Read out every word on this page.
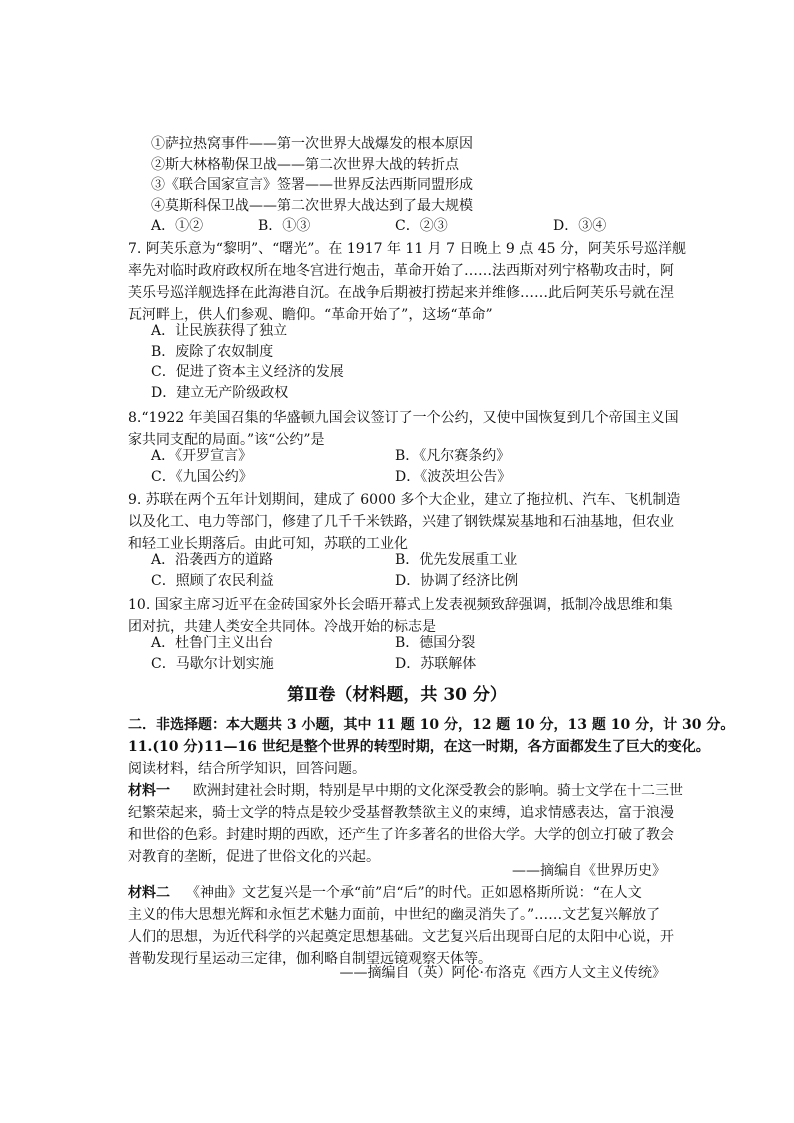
①萨拉热窝事件——第一次世界大战爆发的根本原因
②斯大林格勒保卫战——第二次世界大战的转折点
③《联合国家宣言》签署——世界反法西斯同盟形成
④莫斯科保卫战——第二次世界大战达到了最大规模
A．①②	B．①③	C．②③	D．③④
7. 阿芙乐意为“黎明”、“曙光”。在 1917 年 11 月 7 日晚上 9 点 45 分，阿芙乐号巡洋舰
率先对临时政府政权所在地冬宫进行炮击，革命开始了……法西斯对列宁格勒攻击时，阿
芙乐号巡洋舰选择在此海港自沉。在战争后期被打捞起来并维修……此后阿芙乐号就在涅
瓦河畔上，供人们参观、瞻仰。“革命开始了”，这场“革命”
A．让民族获得了独立
B．废除了农奴制度
C．促进了资本主义经济的发展
D．建立无产阶级政权
8.“1922 年美国召集的华盛顿九国会议签订了一个公约，又使中国恢复到几个帝国主义国
家共同支配的局面。”该“公约”是
A．《开罗宣言》	B．《凡尔赛条约》
C．《九国公约》	D．《波茨坦公告》
9. 苏联在两个五年计划期间，建成了 6000 多个大企业，建立了拖拉机、汽车、飞机制造
以及化工、电力等部门，修建了几千千米铁路，兴建了钢铁煤炭基地和石油基地，但农业
和轻工业长期落后。由此可知，苏联的工业化
A．沿袭西方的道路	B．优先发展重工业
C．照顾了农民利益	D．协调了经济比例
10. 国家主席习近平在金砖国家外长会晤开幕式上发表视频致辞强调，抵制冷战思维和集
团对抗，共建人类安全共同体。冷战开始的标志是
A．杜鲁门主义出台	B．德国分裂
C．马歇尔计划实施	D．苏联解体
第Ⅱ卷（材料题，共 30 分）
二．非选择题：本大题共 3 小题，其中 11 题 10 分，12 题 10 分，13 题 10 分，计 30 分。
11.(10 分)11—16 世纪是整个世界的转型时期，在这一时期，各方面都发生了巨大的变化。
阅读材料，结合所学知识，回答问题。
材料一 欧洲封建社会时期，特别是早中期的文化深受教会的影响。骑士文学在十二三世
纪繁荣起来，骑士文学的特点是较少受基督教禁欲主义的束缚，追求情感表达，富于浪漫
和世俗的色彩。封建时期的西欧，还产生了许多著名的世俗大学。大学的创立打破了教会
对教育的垄断，促进了世俗文化的兴起。
——摘编自《世界历史》
材料二 《神曲》文艺复兴是一个承“前”启“后”的时代。正如恩格斯所说：“在人文
主义的伟大思想光辉和永恒艺术魅力面前，中世纪的幽灵消失了。”……文艺复兴解放了
人们的思想，为近代科学的兴起奠定思想基础。文艺复兴后出现哥白尼的太阳中心说，开
普勒发现行星运动三定律，伽利略自制望远镜观察天体等。
——摘编自（英）阿伦·布洛克《西方人文主义传统》
